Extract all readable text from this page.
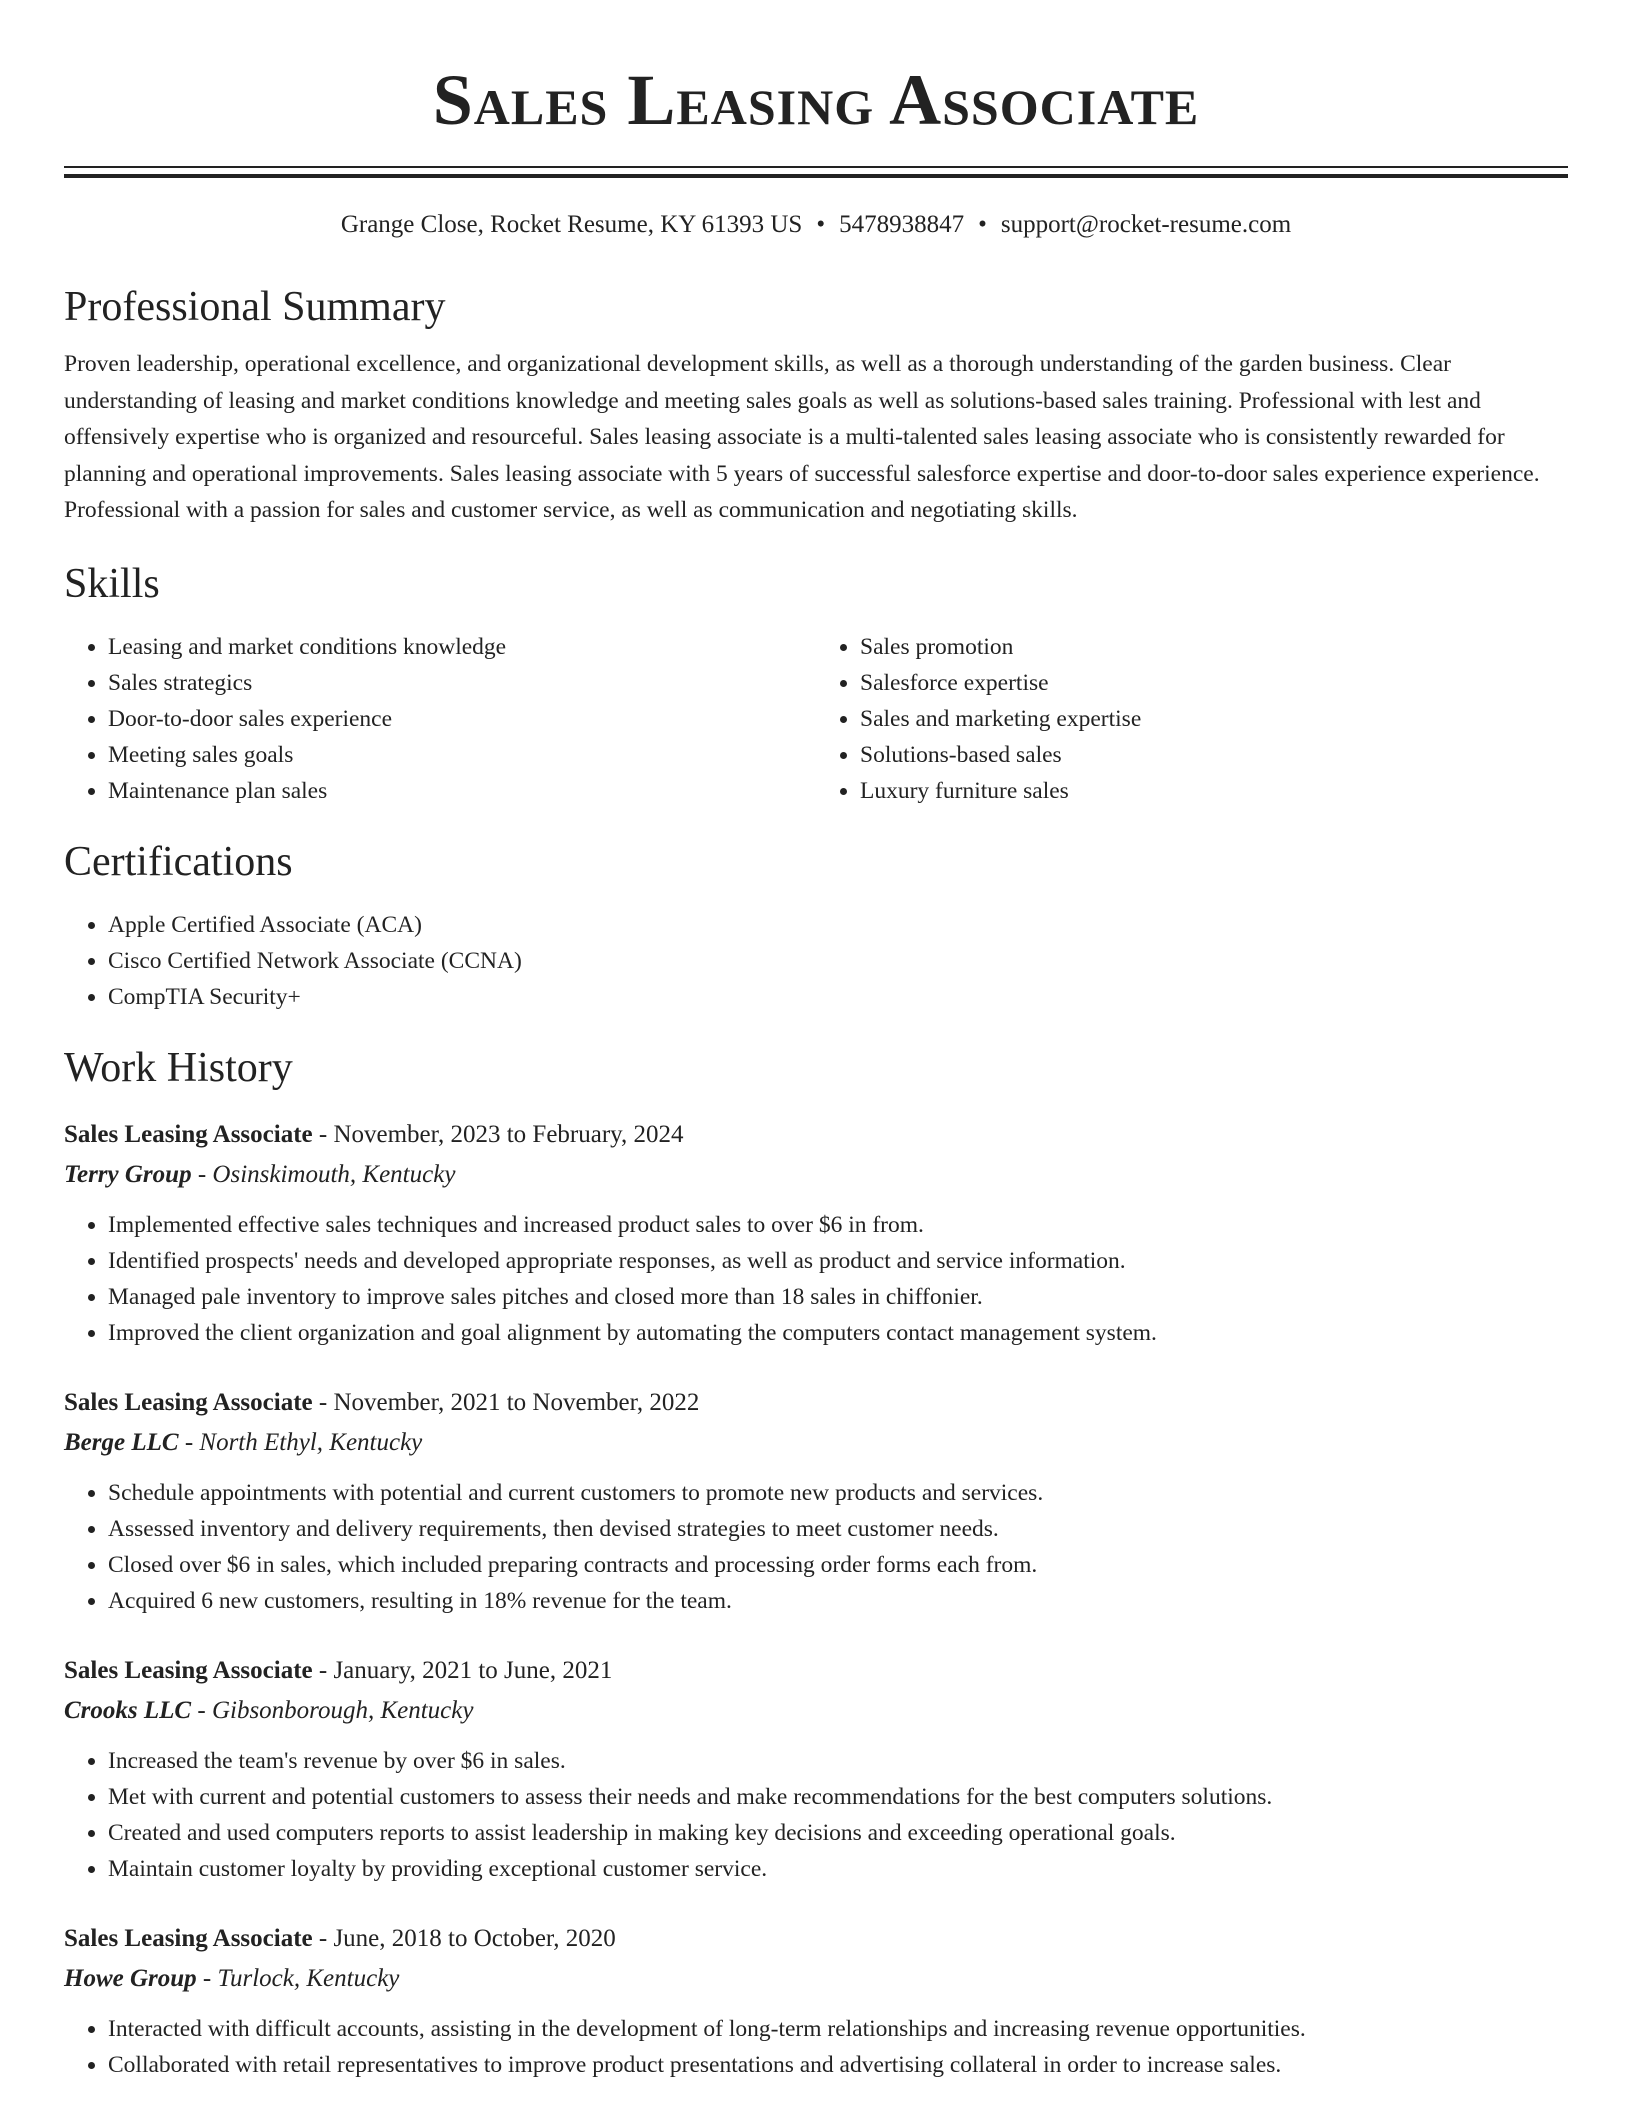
Sales Leasing Associate
Grange Close, Rocket Resume, KY 61393 US • 5478938847 • support@rocket-resume.com
Professional Summary

Proven leadership, operational excellence, and organizational development skills, as well as a thorough understanding of the garden business. Clear understanding of leasing and market conditions knowledge and meeting sales goals as well as solutions-based sales training. Professional with lest and offensively expertise who is organized and resourceful. Sales leasing associate is a multi-talented sales leasing associate who is consistently rewarded for planning and operational improvements. Sales leasing associate with 5 years of successful salesforce expertise and door-to-door sales experience experience. Professional with a passion for sales and customer service, as well as communication and negotiating skills.

Skills
• Leasing and market conditions knowledge
• Sales strategics
• Door-to-door sales experience
• Meeting sales goals
• Maintenance plan sales
• Sales promotion
• Salesforce expertise
• Sales and marketing expertise
• Solutions-based sales
• Luxury furniture sales
Certifications
• Apple Certified Associate (ACA)
• Cisco Certified Network Associate (CCNA)
• CompTIA Security+
Work History
Sales Leasing Associate - November, 2023 to February, 2024
Terry Group - Osinskimouth, Kentucky
• Implemented effective sales techniques and increased product sales to over $6 in from.
• Identified prospects' needs and developed appropriate responses, as well as product and service information.
• Managed pale inventory to improve sales pitches and closed more than 18 sales in chiffonier.
• Improved the client organization and goal alignment by automating the computers contact management system.
Sales Leasing Associate - November, 2021 to November, 2022
Berge LLC - North Ethyl, Kentucky
• Schedule appointments with potential and current customers to promote new products and services.
• Assessed inventory and delivery requirements, then devised strategies to meet customer needs.
• Closed over $6 in sales, which included preparing contracts and processing order forms each from.
• Acquired 6 new customers, resulting in 18% revenue for the team.
Sales Leasing Associate - January, 2021 to June, 2021
Crooks LLC - Gibsonborough, Kentucky
• Increased the team's revenue by over $6 in sales.
• Met with current and potential customers to assess their needs and make recommendations for the best computers solutions.
• Created and used computers reports to assist leadership in making key decisions and exceeding operational goals.
• Maintain customer loyalty by providing exceptional customer service.
Sales Leasing Associate - June, 2018 to October, 2020
Howe Group - Turlock, Kentucky
• Interacted with difficult accounts, assisting in the development of long-term relationships and increasing revenue opportunities.
• Collaborated with retail representatives to improve product presentations and advertising collateral in order to increase sales.
